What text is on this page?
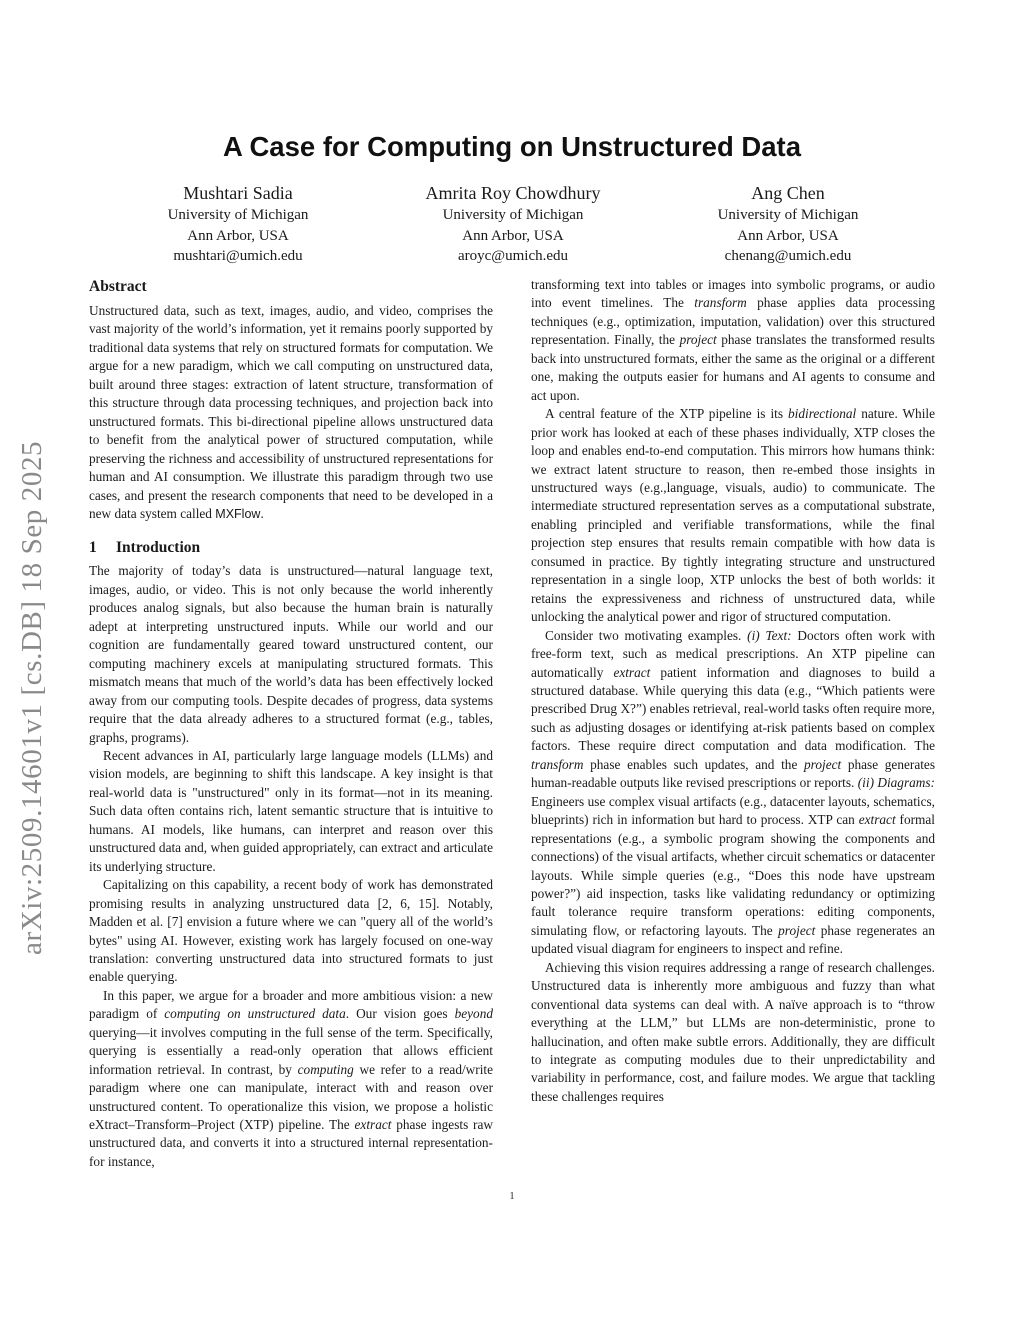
arXiv:2509.14601v1 [cs.DB] 18 Sep 2025
A Case for Computing on Unstructured Data
Mushtari Sadia
University of Michigan
Ann Arbor, USA
mushtari@umich.edu
Amrita Roy Chowdhury
University of Michigan
Ann Arbor, USA
aroyc@umich.edu
Ang Chen
University of Michigan
Ann Arbor, USA
chenang@umich.edu
Abstract

Unstructured data, such as text, images, audio, and video, comprises the vast majority of the world’s information, yet it remains poorly supported by traditional data systems that rely on structured formats for computation. We argue for a new paradigm, which we call computing on unstructured data, built around three stages: extraction of latent structure, transformation of this structure through data processing techniques, and projection back into unstructured formats. This bi-directional pipeline allows unstructured data to benefit from the analytical power of structured computation, while preserving the richness and accessibility of unstructured representations for human and AI consumption. We illustrate this paradigm through two use cases, and present the research components that need to be developed in a new data system called MXFlow.

1 Introduction

The majority of today’s data is unstructured—natural language text, images, audio, or video. This is not only because the world inherently produces analog signals, but also because the human brain is naturally adept at interpreting unstructured inputs. While our world and our cognition are fundamentally geared toward unstructured content, our computing machinery excels at manipulating structured formats. This mismatch means that much of the world’s data has been effectively locked away from our computing tools. Despite decades of progress, data systems require that the data already adheres to a structured format (e.g., tables, graphs, programs).

Recent advances in AI, particularly large language models (LLMs) and vision models, are beginning to shift this landscape. A key insight is that real-world data is "unstructured" only in its format—not in its meaning. Such data often contains rich, latent semantic structure that is intuitive to humans. AI models, like humans, can interpret and reason over this unstructured data and, when guided appropriately, can extract and articulate its underlying structure.

Capitalizing on this capability, a recent body of work has demonstrated promising results in analyzing unstructured data [2, 6, 15]. Notably, Madden et al. [7] envision a future where we can "query all of the world’s bytes" using AI. However, existing work has largely focused on one-way translation: converting unstructured data into structured formats to just enable querying.

In this paper, we argue for a broader and more ambitious vision: a new paradigm of computing on unstructured data. Our vision goes beyond querying—it involves computing in the full sense of the term. Specifically, querying is essentially a read-only operation that allows efficient information retrieval. In contrast, by computing we refer to a read/write paradigm where one can manipulate, interact with and reason over unstructured content. To operationalize this vision, we propose a holistic eXtract–Transform–Project (XTP) pipeline. The extract phase ingests raw unstructured data, and converts it into a structured internal representation- for instance,

transforming text into tables or images into symbolic programs, or audio into event timelines. The transform phase applies data processing techniques (e.g., optimization, imputation, validation) over this structured representation. Finally, the project phase translates the transformed results back into unstructured formats, either the same as the original or a different one, making the outputs easier for humans and AI agents to consume and act upon.

A central feature of the XTP pipeline is its bidirectional nature. While prior work has looked at each of these phases individually, XTP closes the loop and enables end-to-end computation. This mirrors how humans think: we extract latent structure to reason, then re-embed those insights in unstructured ways (e.g.,language, visuals, audio) to communicate. The intermediate structured representation serves as a computational substrate, enabling principled and verifiable transformations, while the final projection step ensures that results remain compatible with how data is consumed in practice. By tightly integrating structure and unstructured representation in a single loop, XTP unlocks the best of both worlds: it retains the expressiveness and richness of unstructured data, while unlocking the analytical power and rigor of structured computation.

Consider two motivating examples. (i) Text: Doctors often work with free-form text, such as medical prescriptions. An XTP pipeline can automatically extract patient information and diagnoses to build a structured database. While querying this data (e.g., “Which patients were prescribed Drug X?”) enables retrieval, real-world tasks often require more, such as adjusting dosages or identifying at-risk patients based on complex factors. These require direct computation and data modification. The transform phase enables such updates, and the project phase generates human-readable outputs like revised prescriptions or reports. (ii) Diagrams: Engineers use complex visual artifacts (e.g., datacenter layouts, schematics, blueprints) rich in information but hard to process. XTP can extract formal representations (e.g., a symbolic program showing the components and connections) of the visual artifacts, whether circuit schematics or datacenter layouts. While simple queries (e.g., “Does this node have upstream power?”) aid inspection, tasks like validating redundancy or optimizing fault tolerance require transform operations: editing components, simulating flow, or refactoring layouts. The project phase regenerates an updated visual diagram for engineers to inspect and refine.

Achieving this vision requires addressing a range of research challenges. Unstructured data is inherently more ambiguous and fuzzy than what conventional data systems can deal with. A naïve approach is to “throw everything at the LLM,” but LLMs are non-deterministic, prone to hallucination, and often make subtle errors. Additionally, they are difficult to integrate as computing modules due to their unpredictability and variability in performance, cost, and failure modes. We argue that tackling these challenges requires

1
